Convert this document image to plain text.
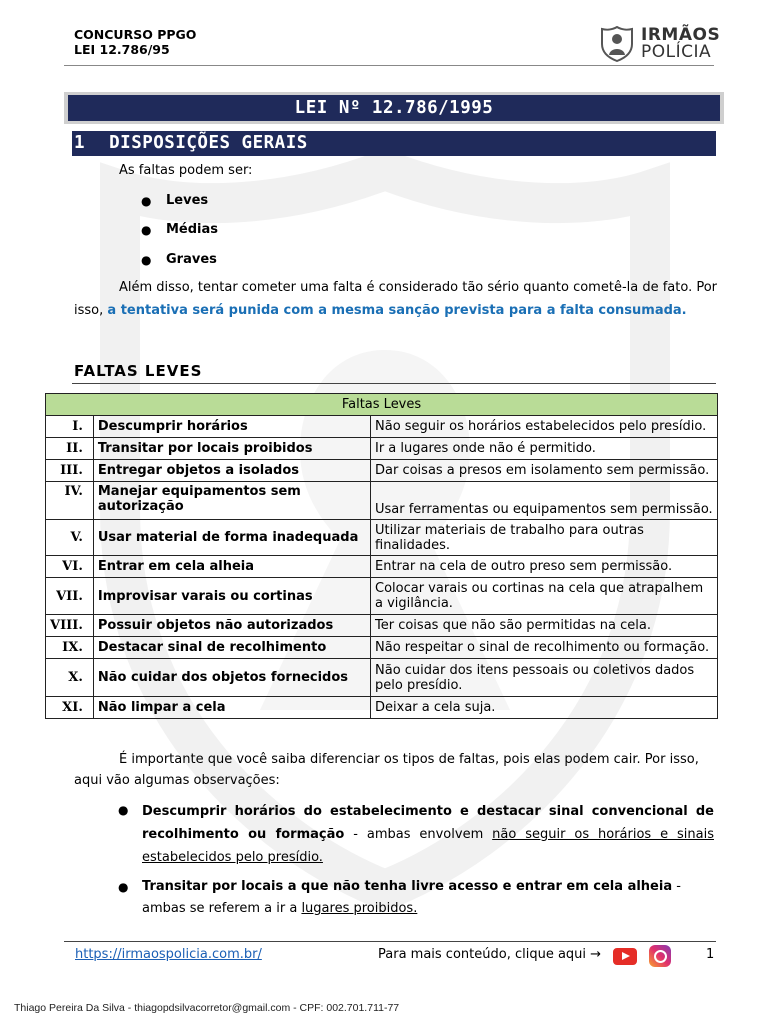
CONCURSO PPGO
LEI 12.786/95
IRMÃOS
POLÍCIA
LEI Nº 12.786/1995
1 DISPOSIÇÕES GERAIS
As faltas podem ser:
● Leves
● Médias
● Graves
Além disso, tentar cometer uma falta é considerado tão sério quanto cometê-la de fato. Por
isso, a tentativa será punida com a mesma sanção prevista para a falta consumada.
FALTAS LEVES
Faltas Leves		
I.	Descumprir horários	Não seguir os horários estabelecidos pelo presídio.
II.	Transitar por locais proibidos	Ir a lugares onde não é permitido.
III.	Entregar objetos a isolados	Dar coisas a presos em isolamento sem permissão.
IV.	Manejar equipamentos sem autorização	Usar ferramentas ou equipamentos sem permissão.
V.	Usar material de forma inadequada	Utilizar materiais de trabalho para outras finalidades.
VI.	Entrar em cela alheia	Entrar na cela de outro preso sem permissão.
VII.	Improvisar varais ou cortinas	Colocar varais ou cortinas na cela que atrapalhem a vigilância.
VIII.	Possuir objetos não autorizados	Ter coisas que não são permitidas na cela.
IX.	Destacar sinal de recolhimento	Não respeitar o sinal de recolhimento ou formação.
X.	Não cuidar dos objetos fornecidos	Não cuidar dos itens pessoais ou coletivos dados pelo presídio.
XI.	Não limpar a cela	Deixar a cela suja.
É importante que você saiba diferenciar os tipos de faltas, pois elas podem cair. Por isso,
aqui vão algumas observações:
● Descumprir horários do estabelecimento e destacar sinal convencional de recolhimento ou formação - ambas envolvem não seguir os horários e sinais estabelecidos pelo presídio.
● Transitar por locais a que não tenha livre acesso e entrar em cela alheia - ambas se referem a ir a lugares proibidos.
https://irmaospolicia.com.br/	Para mais conteúdo, clique aqui →	1
Thiago Pereira Da Silva - thiagopdsilvacorretor@gmail.com - CPF: 002.701.711-77
